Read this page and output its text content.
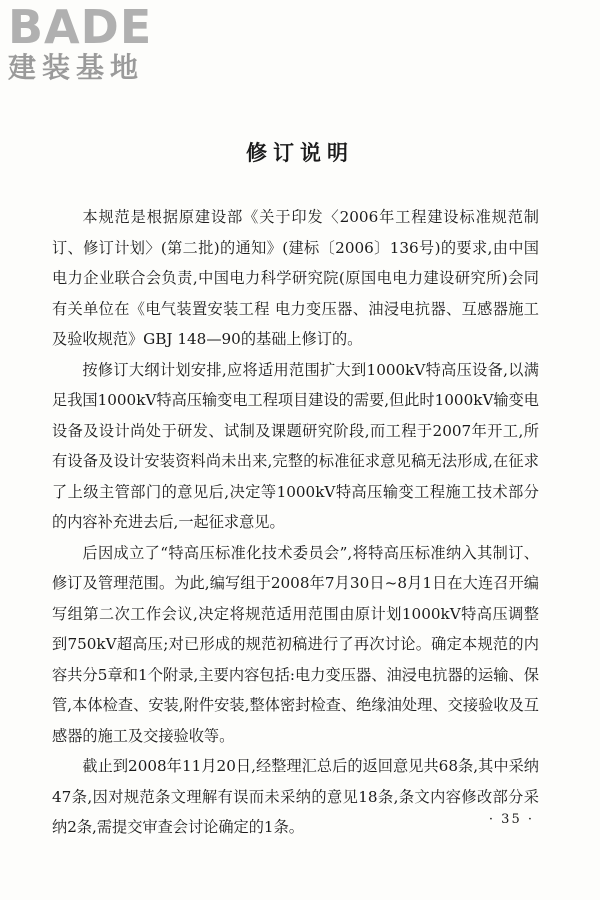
BADE
建装基地
修订说明

本规范是根据原建设部《关于印发〈2006年工程建设标准规范制订、修订计划〉(第二批)的通知》(建标〔2006〕136号)的要求,由中国电力企业联合会负责,中国电力科学研究院(原国电电力建设研究所)会同有关单位在《电气装置安装工程 电力变压器、油浸电抗器、互感器施工及验收规范》GBJ 148—90的基础上修订的。

按修订大纲计划安排,应将适用范围扩大到1000kV特高压设备,以满足我国1000kV特高压输变电工程项目建设的需要,但此时1000kV输变电设备及设计尚处于研发、试制及课题研究阶段,而工程于2007年开工,所有设备及设计安装资料尚未出来,完整的标准征求意见稿无法形成,在征求了上级主管部门的意见后,决定等1000kV特高压输变工程施工技术部分的内容补充进去后,一起征求意见。

后因成立了“特高压标准化技术委员会”,将特高压标准纳入其制订、修订及管理范围。为此,编写组于2008年7月30日~8月1日在大连召开编写组第二次工作会议,决定将规范适用范围由原计划1000kV特高压调整到750kV超高压;对已形成的规范初稿进行了再次讨论。确定本规范的内容共分5章和1个附录,主要内容包括:电力变压器、油浸电抗器的运输、保管,本体检查、安装,附件安装,整体密封检查、绝缘油处理、交接验收及互感器的施工及交接验收等。

截止到2008年11月20日,经整理汇总后的返回意见共68条,其中采纳47条,因对规范条文理解有误而未采纳的意见18条,条文内容修改部分采纳2条,需提交审查会讨论确定的1条。	· 35 ·
